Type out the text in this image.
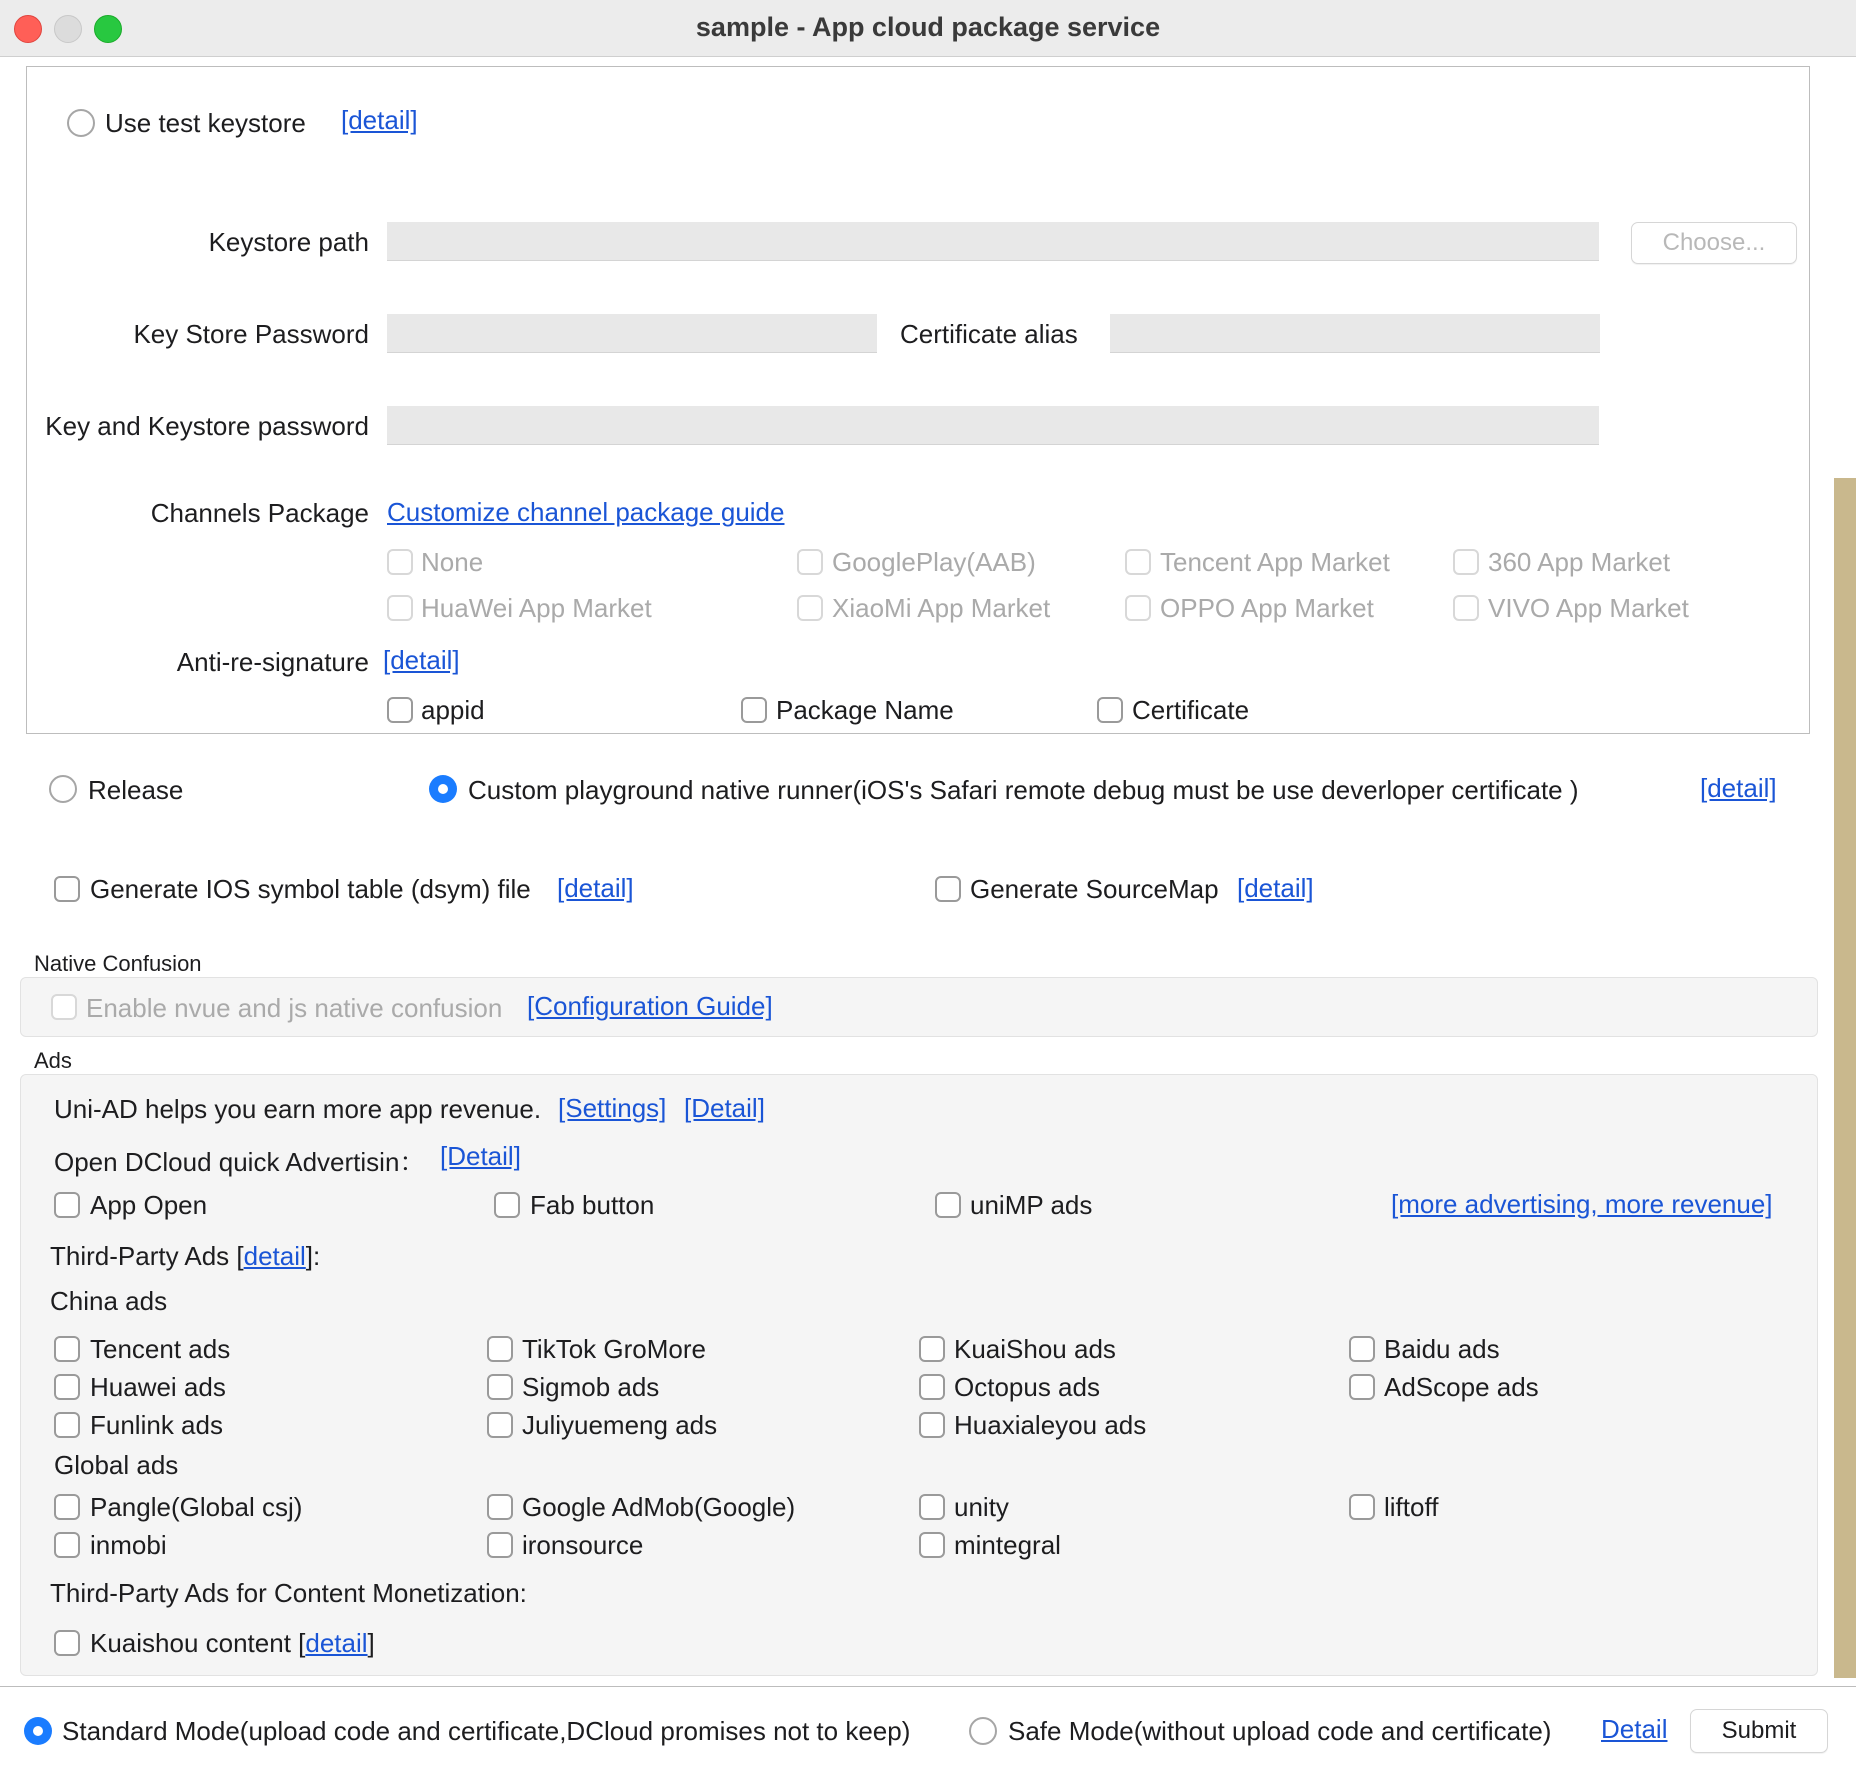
sample - App cloud package service
Use test keystore [detail]
Keystore path	Choose...
Key Store Password	Certificate alias
Key and Keystore password
Channels Package Customize channel package guide
None	GooglePlay(AAB)	Tencent App Market	360 App Market
HuaWei App Market	XiaoMi App Market	OPPO App Market	VIVO App Market
Anti-re-signature [detail]
appid	Package Name	Certificate
Release	Custom playground native runner(iOS's Safari remote debug must be use deverloper certificate )	[detail]
Generate IOS symbol table (dsym) file [detail]	Generate SourceMap [detail]
Native Confusion
Enable nvue and js native confusion [Configuration Guide]
Ads
Uni-AD helps you earn more app revenue. [Settings] [Detail]
Open DCloud quick Advertisin： [Detail]
App Open	Fab button	uniMP ads	[more advertising, more revenue]
Third-Party Ads [detail]:
China ads
Tencent ads	TikTok GroMore	KuaiShou ads	Baidu ads
Huawei ads	Sigmob ads	Octopus ads	AdScope ads
Funlink ads	Juliyuemeng ads	Huaxialeyou ads
Global ads
Pangle(Global csj)	Google AdMob(Google)	unity	liftoff
inmobi	ironsource	mintegral
Third-Party Ads for Content Monetization:
Kuaishou content [detail]
Standard Mode(upload code and certificate,DCloud promises not to keep)	Safe Mode(without upload code and certificate) Detail	Submit
